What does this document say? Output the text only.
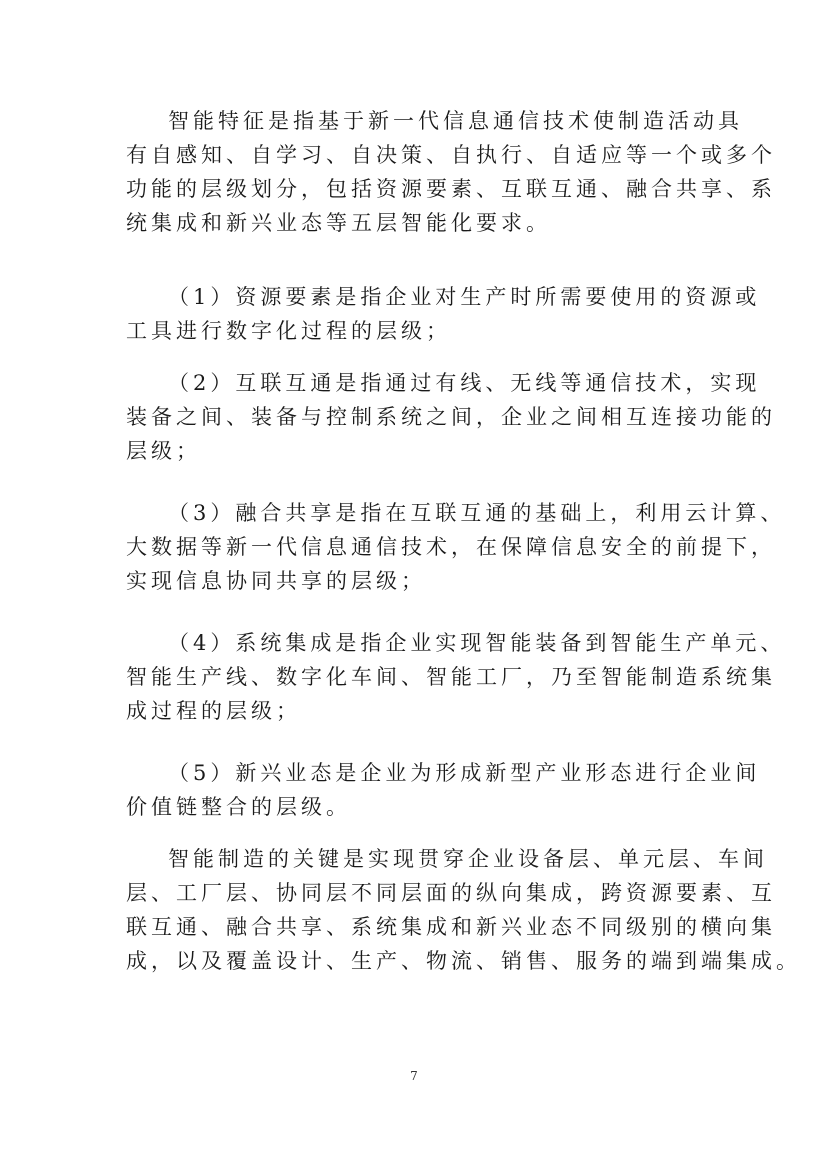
智能特征是指基于新一代信息通信技术使制造活动具
有自感知、自学习、自决策、自执行、自适应等一个或多个
功能的层级划分，包括资源要素、互联互通、融合共享、系
统集成和新兴业态等五层智能化要求。
（1）资源要素是指企业对生产时所需要使用的资源或
工具进行数字化过程的层级；
（2）互联互通是指通过有线、无线等通信技术，实现
装备之间、装备与控制系统之间，企业之间相互连接功能的
层级；
（3）融合共享是指在互联互通的基础上，利用云计算、
大数据等新一代信息通信技术，在保障信息安全的前提下，
实现信息协同共享的层级；
（4）系统集成是指企业实现智能装备到智能生产单元、
智能生产线、数字化车间、智能工厂，乃至智能制造系统集
成过程的层级；
（5）新兴业态是企业为形成新型产业形态进行企业间
价值链整合的层级。
智能制造的关键是实现贯穿企业设备层、单元层、车间
层、工厂层、协同层不同层面的纵向集成，跨资源要素、互
联互通、融合共享、系统集成和新兴业态不同级别的横向集
成，以及覆盖设计、生产、物流、销售、服务的端到端集成。
7
